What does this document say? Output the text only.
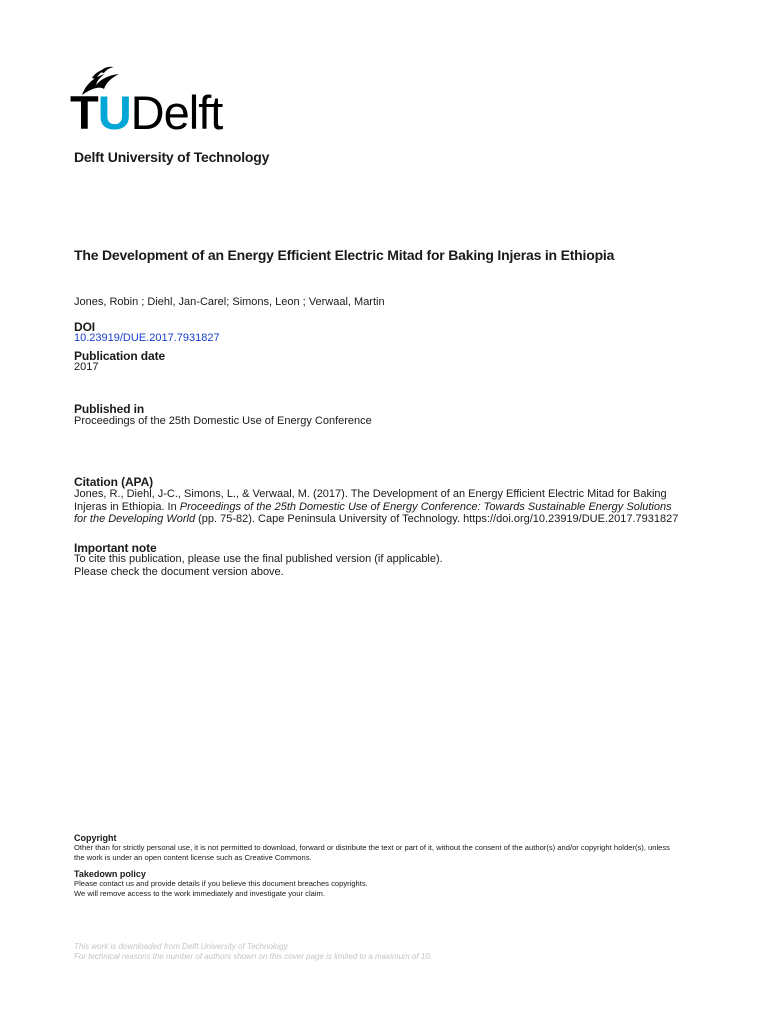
TUDelft
Delft University of Technology
The Development of an Energy Efficient Electric Mitad for Baking Injeras in Ethiopia
Jones, Robin ; Diehl, Jan-Carel; Simons, Leon ; Verwaal, Martin
DOI
10.23919/DUE.2017.7931827
Publication date
2017
Published in
Proceedings of the 25th Domestic Use of Energy Conference
Citation (APA)
Jones, R., Diehl, J-C., Simons, L., & Verwaal, M. (2017). The Development of an Energy Efficient Electric Mitad for Baking Injeras in Ethiopia. In Proceedings of the 25th Domestic Use of Energy Conference: Towards Sustainable Energy Solutions for the Developing World (pp. 75-82). Cape Peninsula University of Technology. https://doi.org/10.23919/DUE.2017.7931827
Important note
To cite this publication, please use the final published version (if applicable).
Please check the document version above.
Copyright
Other than for strictly personal use, it is not permitted to download, forward or distribute the text or part of it, without the consent of the author(s) and/or copyright holder(s), unless the work is under an open content license such as Creative Commons.
Takedown policy
Please contact us and provide details if you believe this document breaches copyrights.
We will remove access to the work immediately and investigate your claim.
This work is downloaded from Delft University of Technology.
For technical reasons the number of authors shown on this cover page is limited to a maximum of 10.
